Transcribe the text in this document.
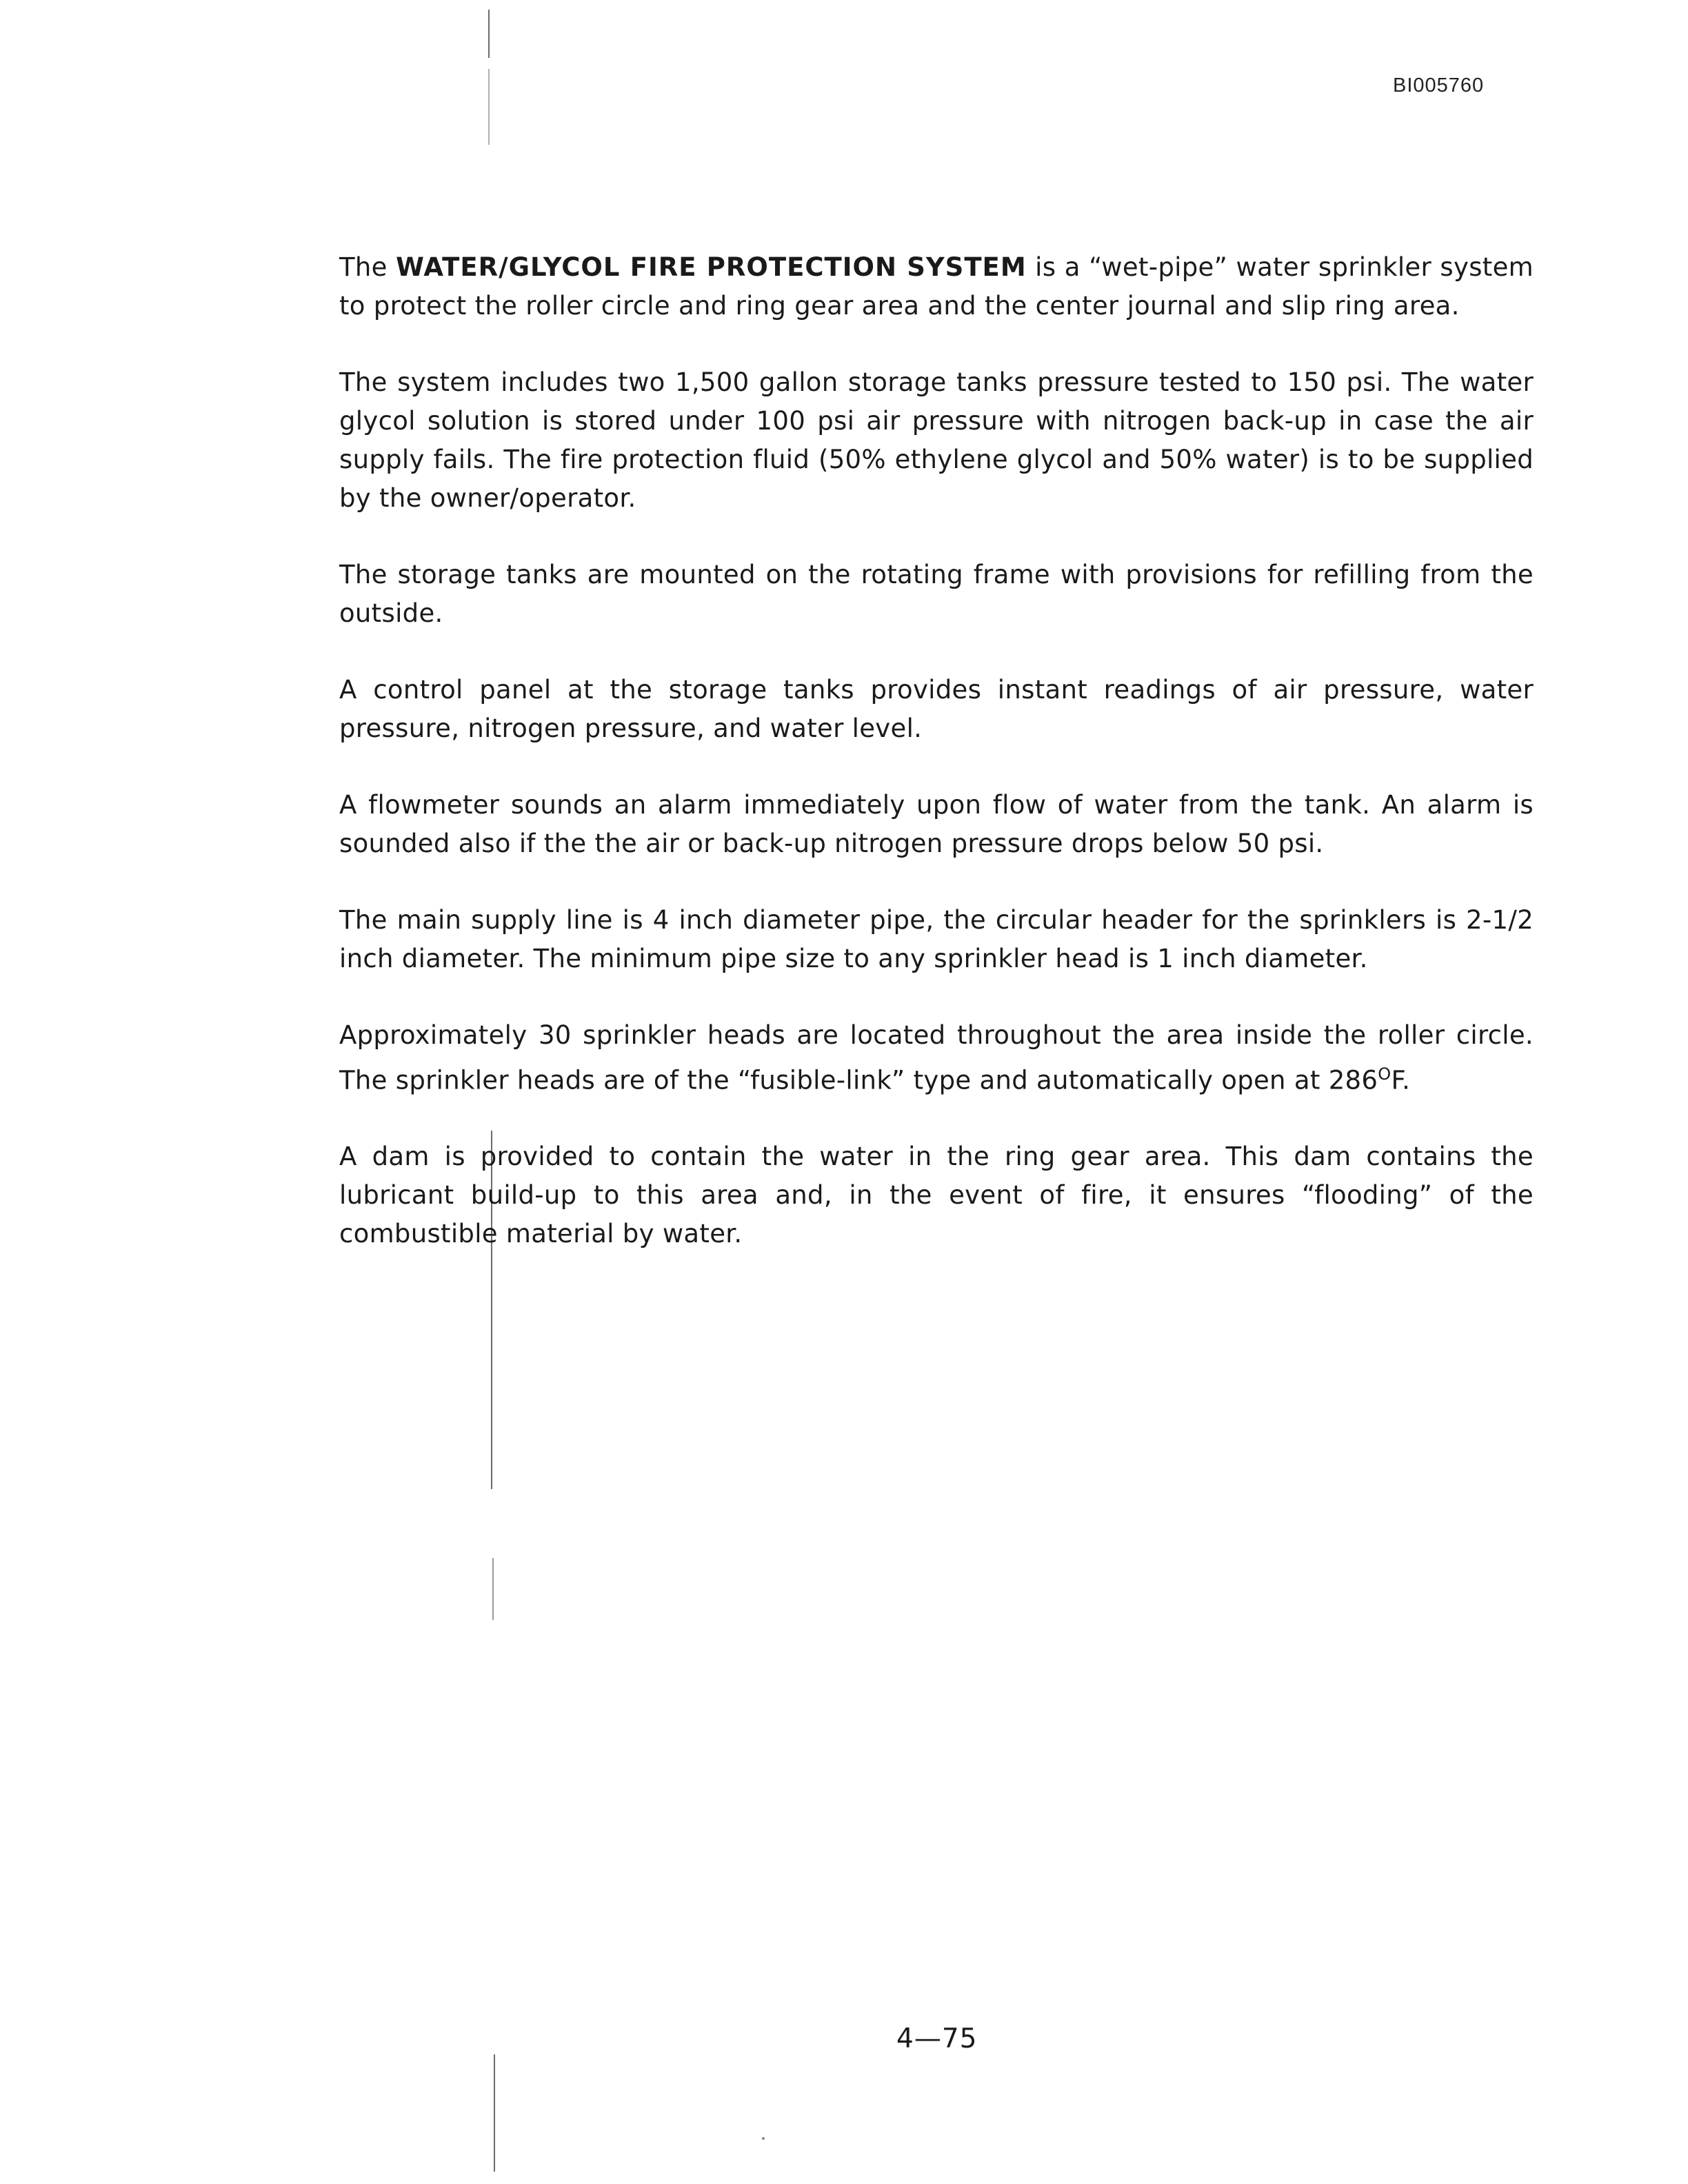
BI005760

The WATER/GLYCOL FIRE PROTECTION SYSTEM is a “wet-pipe” water sprinkler system to protect the roller circle and ring gear area and the center journal and slip ring area.

The system includes two 1,500 gallon storage tanks pressure tested to 150 psi. The water glycol solution is stored under 100 psi air pressure with nitrogen back-up in case the air supply fails. The fire protection fluid (50% ethylene glycol and 50% water) is to be supplied by the owner/operator.

The storage tanks are mounted on the rotating frame with provisions for refilling from the outside.

A control panel at the storage tanks provides instant readings of air pressure, water pressure, nitrogen pressure, and water level.

A flowmeter sounds an alarm immediately upon flow of water from the tank. An alarm is sounded also if the the air or back-up nitrogen pressure drops below 50 psi.

The main supply line is 4 inch diameter pipe, the circular header for the sprinklers is 2-1/2 inch diameter. The minimum pipe size to any sprinkler head is 1 inch diameter.

Approximately 30 sprinkler heads are located throughout the area inside the roller circle. The sprinkler heads are of the “fusible-link” type and automatically open at $286^OF$.

A dam is provided to contain the water in the ring gear area. This dam contains the lubricant build-up to this area and, in the event of fire, it ensures “flooding” of the combustible material by water.

4—75
